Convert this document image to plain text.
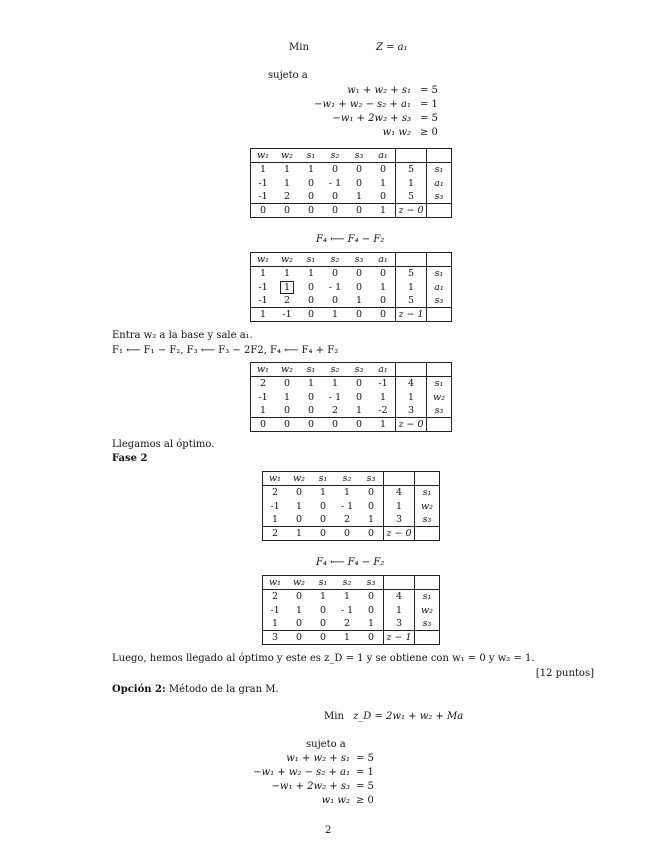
Min	Z = a₁
sujeto a
w₁ + w₂ + s₁ = 5
−w₁ + w₂ − s₂ + a₁ = 1
−w₁ + 2w₂ + s₃ = 5
w₁ w₂ ≥ 0
w₁	w₂	s₁	s₂	s₃	a₁		
1	1	1	0	0	0	5	s₁
-1	1	0	- 1	0	1	1	a₁
-1	2	0	0	1	0	5	s₃
0	0	0	0	0	1	z − 0	
F₄ ⟵ F₄ − F₂
w₁	w₂	s₁	s₂	s₃	a₁		
1	1	1	0	0	0	5	s₁
-1	1	0	- 1	0	1	1	a₁
-1	2	0	0	1	0	5	s₃
1	-1	0	1	0	0	z − 1	
Entra w₂ a la base y sale a₁.
F₁ ⟵ F₁ − F₂, F₃ ⟵ F₃ − 2F2, F₄ ⟵ F₄ + F₂
w₁	w₂	s₁	s₂	s₃	a₁		
2	0	1	1	0	-1	4	s₁
-1	1	0	- 1	0	1	1	w₂
1	0	0	2	1	-2	3	s₃
0	0	0	0	0	1	z − 0	
Llegamos al óptimo.
Fase 2
w₁	w₂	s₁	s₂	s₃		
2	0	1	1	0	4	s₁
-1	1	0	- 1	0	1	w₂
1	0	0	2	1	3	s₃
2	1	0	0	0	z − 0	
F₄ ⟵ F₄ − F₂
w₁	w₂	s₁	s₂	s₃		
2	0	1	1	0	4	s₁
-1	1	0	- 1	0	1	w₂
1	0	0	2	1	3	s₃
3	0	0	1	0	z − 1	
Luego, hemos llegado al óptimo y este es z_D = 1 y se obtiene con w₁ = 0 y w₂ = 1.
[12 puntos]
Opción 2: Método de la gran M.
Min z_D = 2w₁ + w₂ + Ma
sujeto a
w₁ + w₂ + s₁ = 5
−w₁ + w₂ − s₂ + a₁ = 1
−w₁ + 2w₂ + s₃ = 5
w₁ w₂ ≥ 0
2
